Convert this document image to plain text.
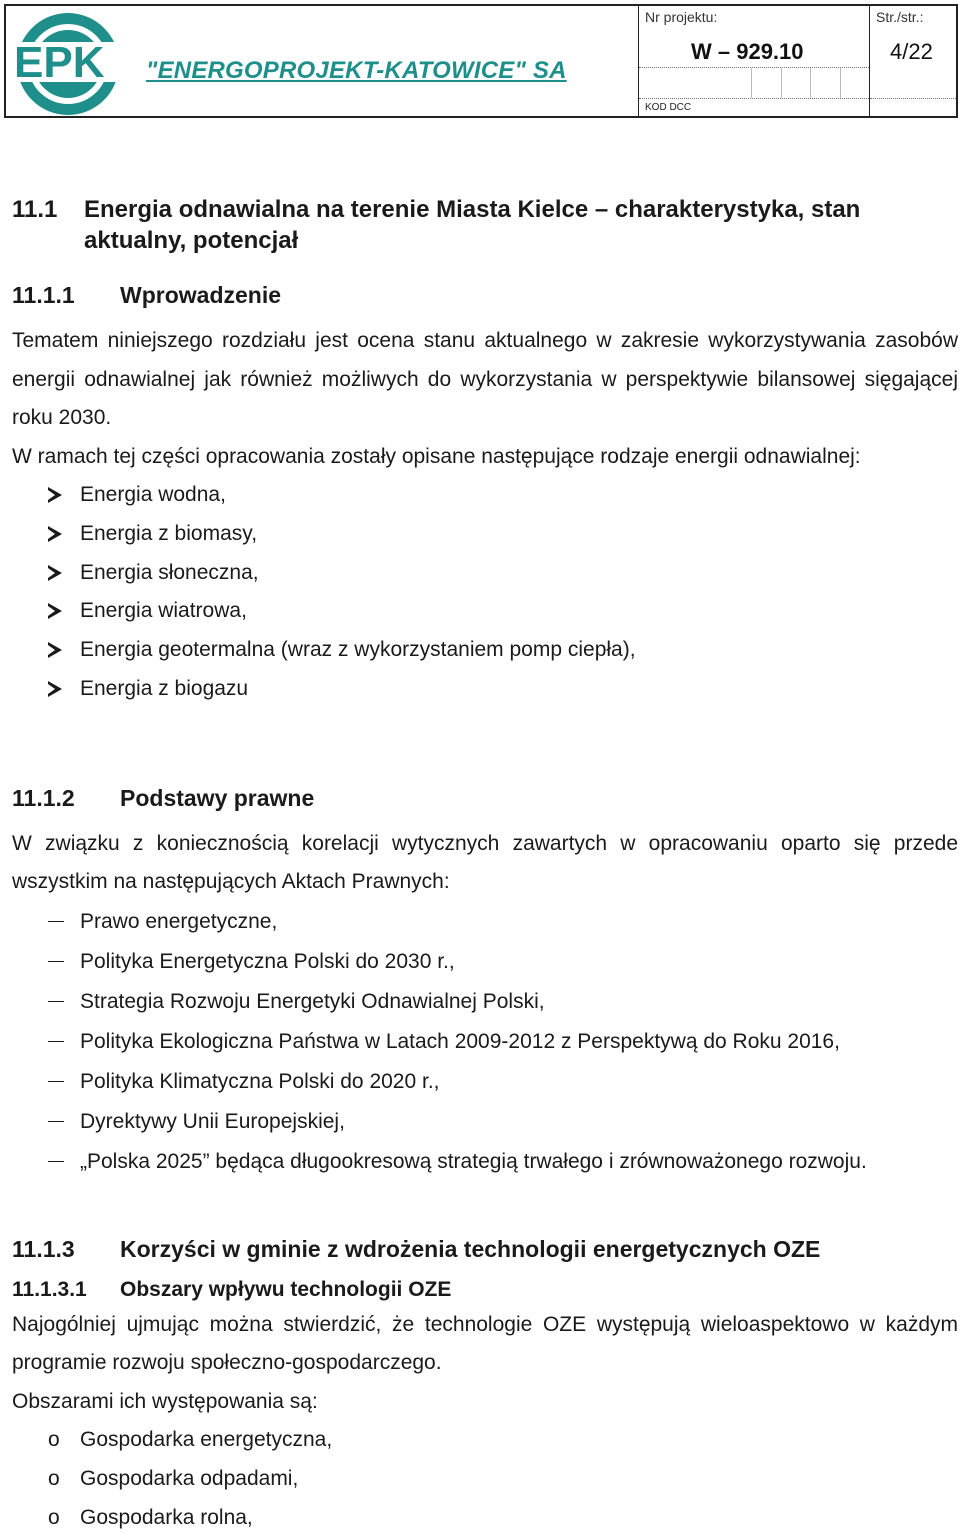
EPK "ENERGOPROJEKT-KATOWICE" SA
Nr projektu:
W – 929.10
KOD DCC
Str./str.:
4/22
11.1	Energia odnawialna na terenie Miasta Kielce – charakterystyka, stan aktualny, potencjał
11.1.1	Wprowadzenie

Tematem niniejszego rozdziału jest ocena stanu aktualnego w zakresie wykorzystywania zasobów energii odnawialnej jak również możliwych do wykorzystania w perspektywie bilansowej sięgającej roku 2030.

W ramach tej części opracowania zostały opisane następujące rodzaje energii odnawialnej:

Energia wodna,
Energia z biomasy,
Energia słoneczna,
Energia wiatrowa,
Energia geotermalna (wraz z wykorzystaniem pomp ciepła),
Energia z biogazu
11.1.2	Podstawy prawne

W związku z koniecznością korelacji wytycznych zawartych w opracowaniu oparto się przede wszystkim na następujących Aktach Prawnych:

Prawo energetyczne,
Polityka Energetyczna Polski do 2030 r.,
Strategia Rozwoju Energetyki Odnawialnej Polski,
Polityka Ekologiczna Państwa w Latach 2009-2012 z Perspektywą do Roku 2016,
Polityka Klimatyczna Polski do 2020 r.,
Dyrektywy Unii Europejskiej,
„Polska 2025” będąca długookresową strategią trwałego i zrównoważonego rozwoju.
11.1.3	Korzyści w gminie z wdrożenia technologii energetycznych OZE
11.1.3.1	Obszary wpływu technologii OZE

Najogólniej ujmując można stwierdzić, że technologie OZE występują wieloaspektowo w każdym programie rozwoju społeczno-gospodarczego.

Obszarami ich występowania są:

o Gospodarka energetyczna,
o Gospodarka odpadami,
o Gospodarka rolna,
